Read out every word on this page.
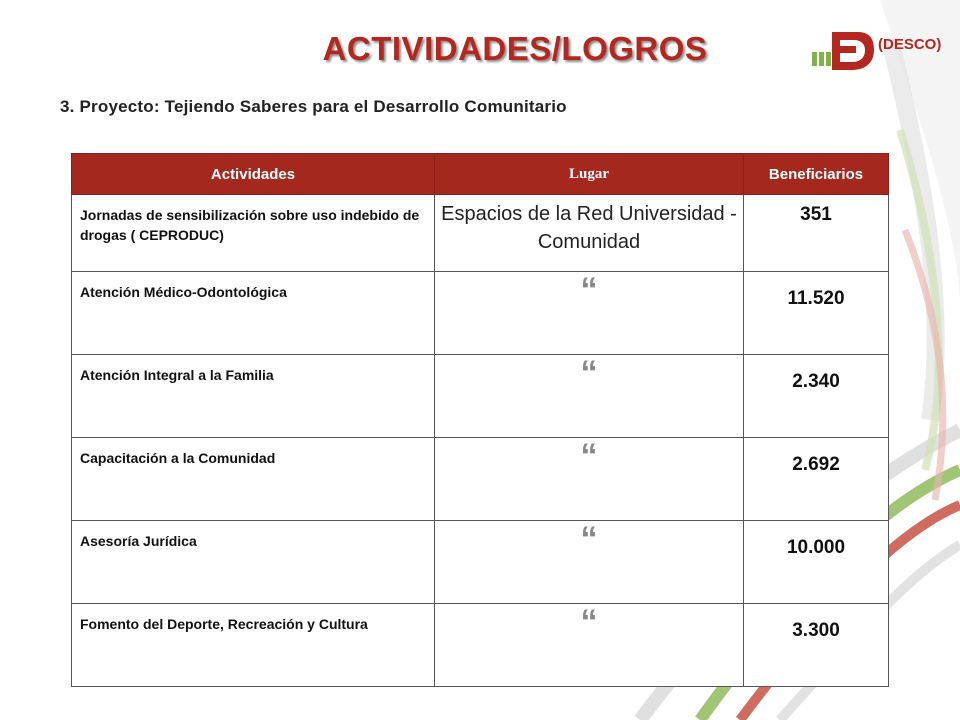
ACTIVIDADES/LOGROS	(DESCO)
3. Proyecto: Tejiendo Saberes para el Desarrollo Comunitario
Actividades	Lugar	Beneficiarios
Jornadas de sensibilización sobre uso indebido de drogas ( CEPRODUC)	Espacios de la Red Universidad - Comunidad	351
Atención Médico-Odontológica	“	11.520
Atención Integral a la Familia	“	2.340
Capacitación a la Comunidad	“	2.692
Asesoría Jurídica	“	10.000
Fomento del Deporte, Recreación y Cultura	“	3.300
